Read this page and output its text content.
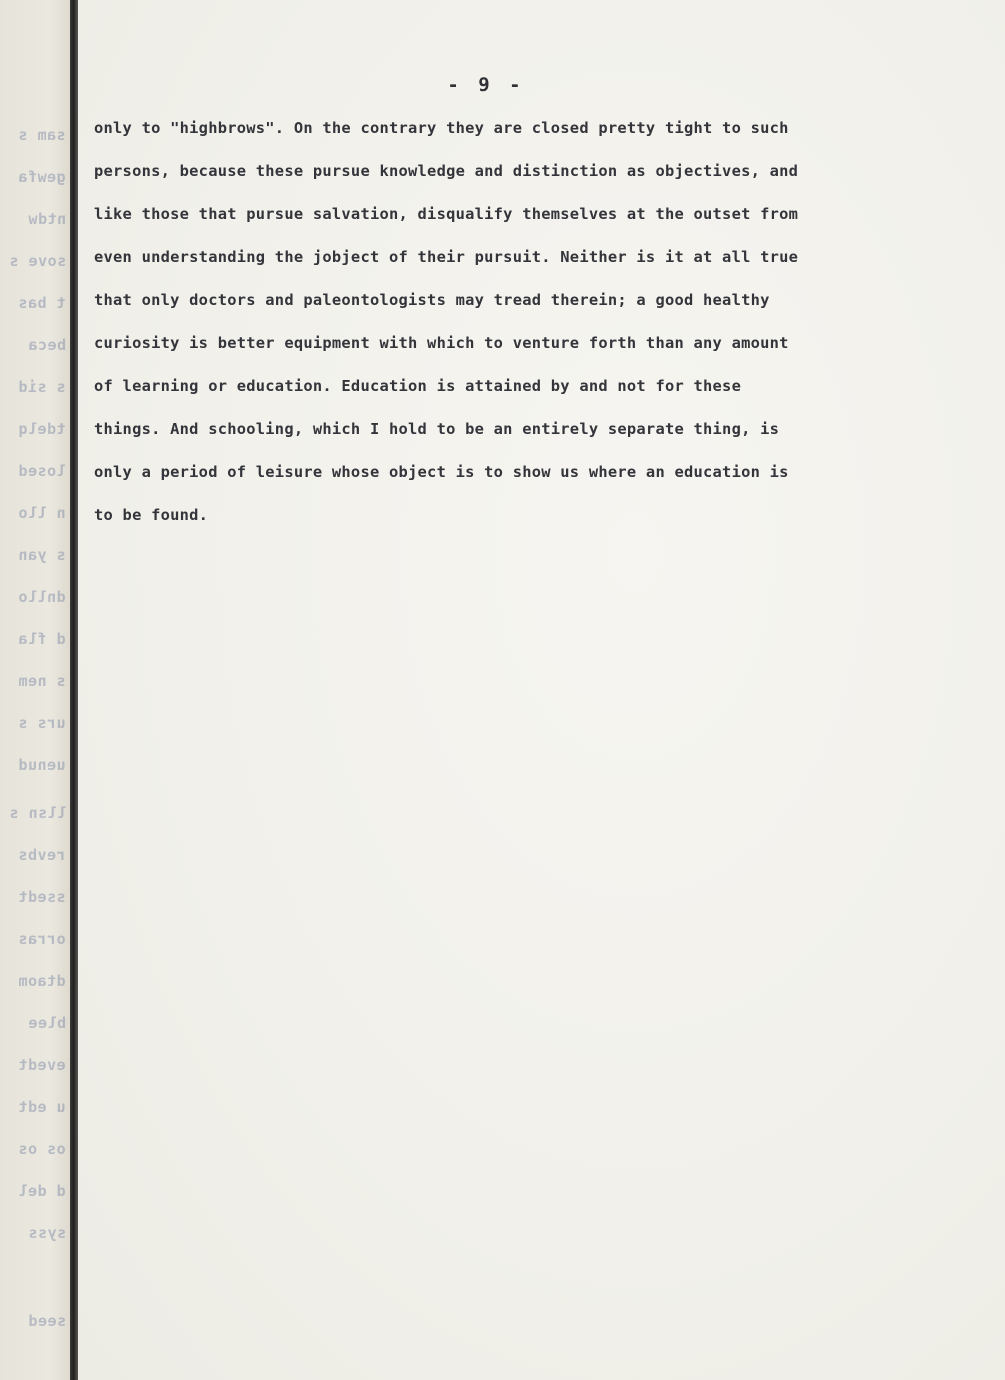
sam s
gewfa
ntdw
sove s
t bas
beca
s sid
tdelq
losed
n llo
s yan
dnllo
d fla
s nem
urs s
uenud
llsn s
revbs
ssedt
orras
dtaom
blee
evedt
u edt
os os
d del
syss
seed
- 9 -
only to "highbrows". On the contrary they are closed pretty tight to such
persons, because these pursue knowledge and distinction as objectives, and
like those that pursue salvation, disqualify themselves at the outset from
even understanding the jobject of their pursuit. Neither is it at all true
that only doctors and paleontologists may tread therein; a good healthy
curiosity is better equipment with which to venture forth than any amount
of learning or education. Education is attained by and not for these
things. And schooling, which I hold to be an entirely separate thing, is
only a period of leisure whose object is to show us where an education is
to be found.
